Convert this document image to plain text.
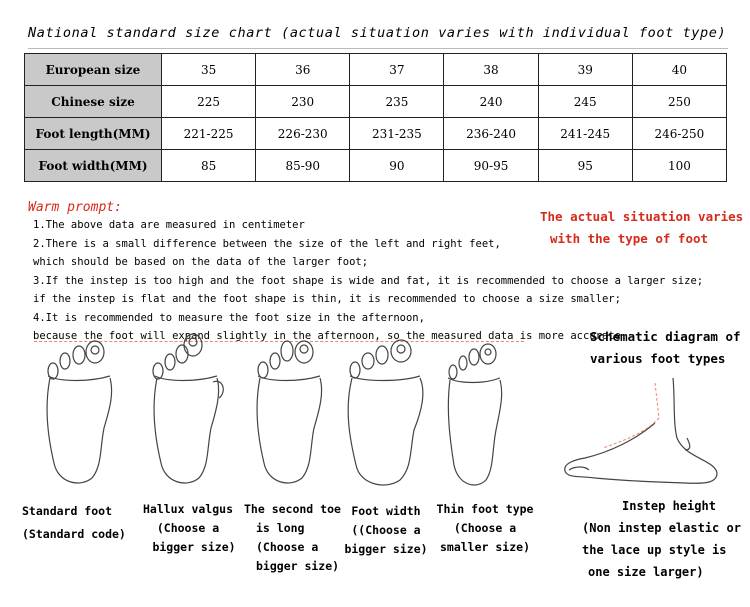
National standard size chart (actual situation varies with individual foot type)
European size	35	36	37	38	39	40
Chinese size	225	230	235	240	245	250
Foot length(MM)	221-225	226-230	231-235	236-240	241-245	246-250
Foot width(MM)	85	85-90	90	90-95	95	100
Warm prompt:
1.The above data are measured in centimeter
2.There is a small difference between the size of the left and right feet,
which should be based on the data of the larger foot;
3.If the instep is too high and the foot shape is wide and fat, it is recommended to choose a larger size;
if the instep is flat and the foot shape is thin, it is recommended to choose a size smaller;
4.It is recommended to measure the foot size in the afternoon,
because the foot will expand slightly in the afternoon, so the measured data is more accurate.
The actual situation varies
with the type of foot
Schematic diagram of
various foot types
Standard foot
(Standard code)
Hallux valgus
(Choose a
bigger size)
The second toe
is long
(Choose a
bigger size)
Foot width
((Choose a
bigger size)
Thin foot type
(Choose a
smaller size)
Instep height
(Non instep elastic or
the lace up style is
one size larger)
